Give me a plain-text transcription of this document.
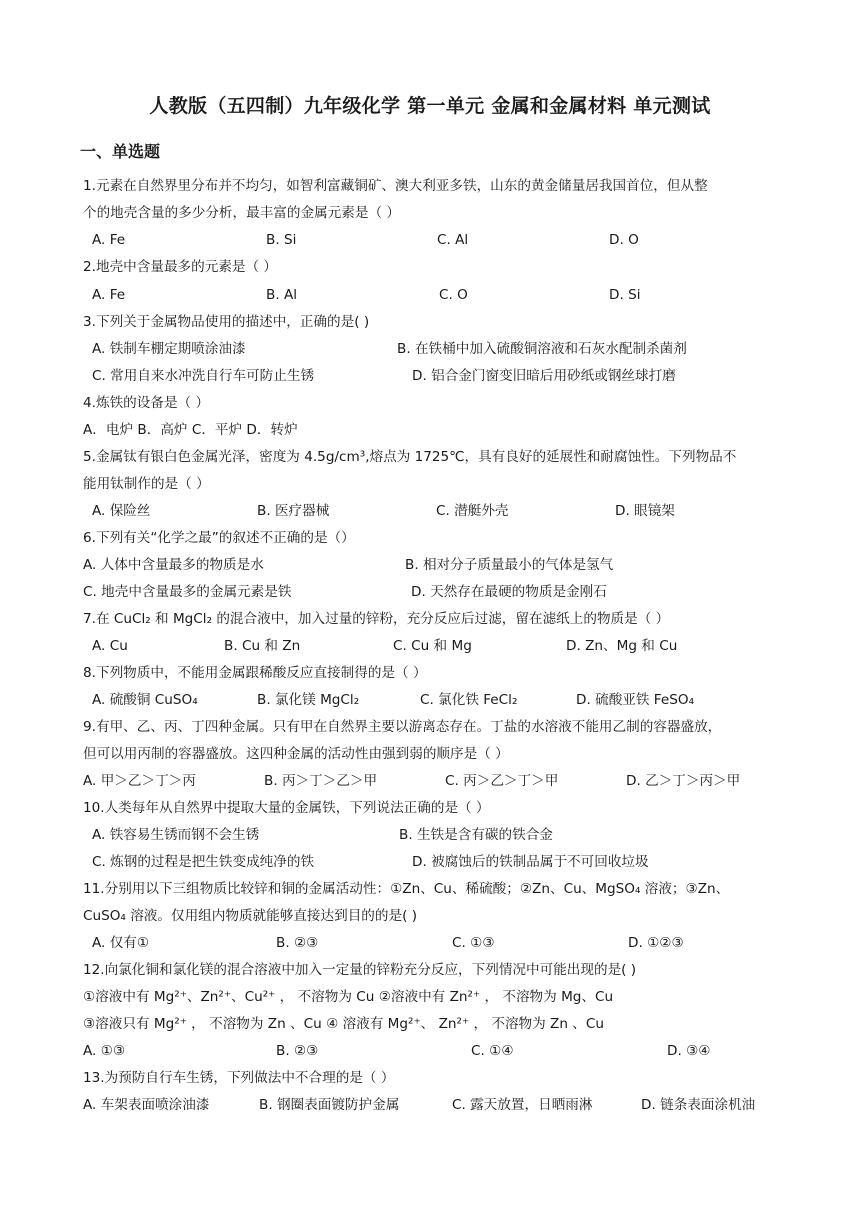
人教版（五四制）九年级化学 第一单元 金属和金属材料 单元测试
一、单选题
1.元素在自然界里分布并不均匀，如智利富藏铜矿、澳大利亚多铁，山东的黄金储量居我国首位，但从整
个的地壳含量的多少分析，最丰富的金属元素是（ ）
A. Fe	B. Si	C. Al	D. O
2.地壳中含量最多的元素是（ ）
A. Fe	B. Al	C. O	D. Si
3.下列关于金属物品使用的描述中，正确的是( )
A. 铁制车棚定期喷涂油漆	B. 在铁桶中加入硫酸铜溶液和石灰水配制杀菌剂
C. 常用自来水冲洗自行车可防止生锈	D. 铝合金门窗变旧暗后用砂纸或钢丝球打磨
4.炼铁的设备是（ ）
A．电炉 B．高炉 C．平炉 D．转炉
5.金属钛有银白色金属光泽，密度为 4.5g/cm³,熔点为 1725℃，具有良好的延展性和耐腐蚀性。下列物品不
能用钛制作的是（ ）
A. 保险丝	B. 医疗器械	C. 潜艇外壳	D. 眼镜架
6.下列有关“化学之最”的叙述不正确的是（）
A. 人体中含量最多的物质是水	B. 相对分子质量最小的气体是氢气
C. 地壳中含量最多的金属元素是铁	D. 天然存在最硬的物质是金刚石
7.在 CuCl₂ 和 MgCl₂ 的混合液中，加入过量的锌粉，充分反应后过滤，留在滤纸上的物质是（ ）
A. Cu	B. Cu 和 Zn	C. Cu 和 Mg	D. Zn、Mg 和 Cu
8.下列物质中，不能用金属跟稀酸反应直接制得的是（ ）
A. 硫酸铜 CuSO₄	B. 氯化镁 MgCl₂	C. 氯化铁 FeCl₂	D. 硫酸亚铁 FeSO₄
9.有甲、乙、丙、丁四种金属。只有甲在自然界主要以游离态存在。丁盐的水溶液不能用乙制的容器盛放，
但可以用丙制的容器盛放。这四种金属的活动性由强到弱的顺序是（ ）
A. 甲＞乙＞丁＞丙	B. 丙＞丁＞乙＞甲	C. 丙＞乙＞丁＞甲	D. 乙＞丁＞丙＞甲
10.人类每年从自然界中提取大量的金属铁，下列说法正确的是（ ）
A. 铁容易生锈而钢不会生锈	B. 生铁是含有碳的铁合金
C. 炼钢的过程是把生铁变成纯净的铁	D. 被腐蚀后的铁制品属于不可回收垃圾
11.分别用以下三组物质比较锌和铜的金属活动性：①Zn、Cu、稀硫酸；②Zn、Cu、MgSO₄ 溶液；③Zn、
CuSO₄ 溶液。仅用组内物质就能够直接达到目的的是( )
A. 仅有①	B. ②③	C. ①③	D. ①②③
12.向氯化铜和氯化镁的混合溶液中加入一定量的锌粉充分反应，下列情况中可能出现的是( )
①溶液中有 Mg²⁺、Zn²⁺、Cu²⁺ ， 不溶物为 Cu ②溶液中有 Zn²⁺ ， 不溶物为 Mg、Cu
③溶液只有 Mg²⁺ ， 不溶物为 Zn 、Cu ④ 溶液有 Mg²⁺、 Zn²⁺ ， 不溶物为 Zn 、Cu
A. ①③	B. ②③	C. ①④	D. ③④
13.为预防自行车生锈，下列做法中不合理的是（ ）
A. 车架表面喷涂油漆	B. 钢圈表面镀防护金属	C. 露天放置，日晒雨淋	D. 链条表面涂机油
